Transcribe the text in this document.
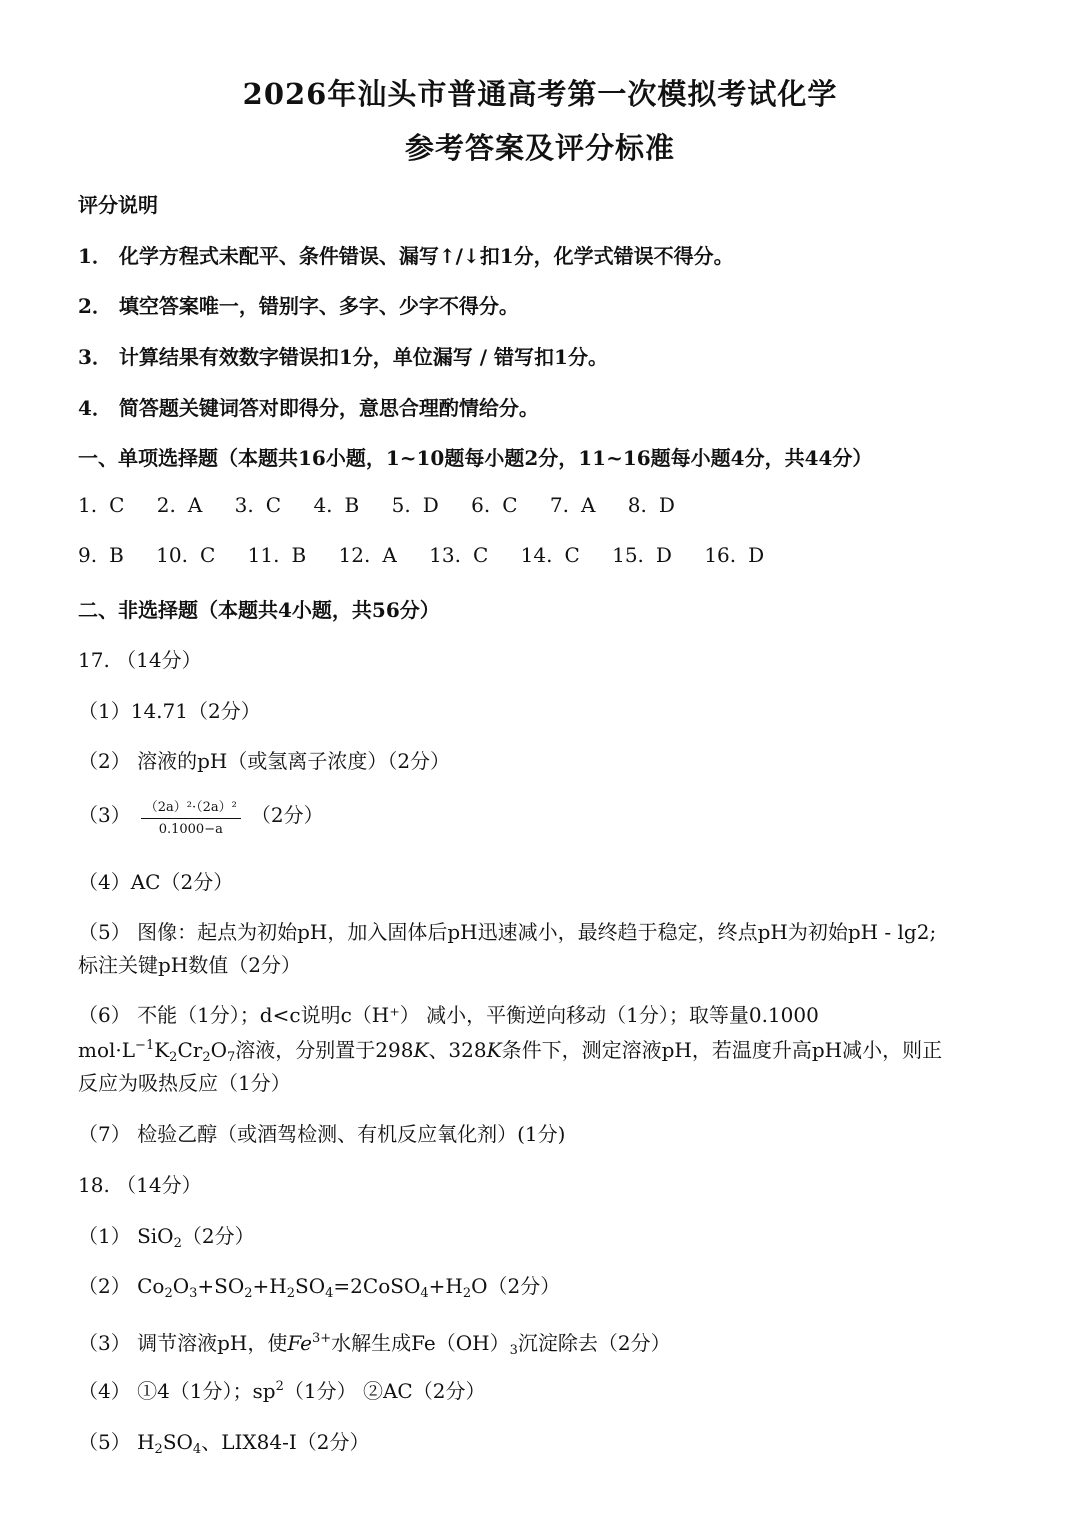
2026年汕头市普通高考第一次模拟考试化学
参考答案及评分标准
评分说明
1． 化学方程式未配平、条件错误、漏写↑/↓扣1分，化学式错误不得分。
2． 填空答案唯一，错别字、多字、少字不得分。
3． 计算结果有效数字错误扣1分，单位漏写 / 错写扣1分。
4． 简答题关键词答对即得分，意思合理酌情给分。
一、单项选择题（本题共16小题，1~10题每小题2分，11~16题每小题4分，共44分）
1. C 2. A 3. C 4. B 5. D 6. C 7. A 8. D
9. B 10. C 11. B 12. A 13. C 14. C 15. D 16. D
二、非选择题（本题共4小题，共56分）
17. （14分）
（1）14.71（2分）
（2） 溶液的pH（或氢离子浓度）（2分）
$(3) \frac{\text{（2a）²·（2a）²}}{0.1000-a} (2$分）
（4）AC（2分）
（5） 图像：起点为初始pH，加入固体后pH迅速减小，最终趋于稳定，终点pH为初始pH - lg2;
标注关键pH数值（2分）
（6） 不能（1分）；d<c说明c（H⁺） 减小，平衡逆向移动（1分）；取等量0.1000
$mol\cdot L^{-1}K_2Cr_2O_7$溶液，分别置于298K、328K条件下，测定溶液pH，若温度升高pH减小，则正
反应为吸热反应（1分）
（7） 检验乙醇（或酒驾检测、有机反应氧化剂）(1分)
18. （14分）
（1） SiO$_2$（2分）
（2） $Co_2O_3+SO_2+H_2SO_4=2CoSO_4+H_2O(2$分）
（3） 调节溶液pH，使$Fe^{3+}$水解生成$Fe(OH)_3$沉淀除去（2分）
（4） ①4（1分）；$sp^2(1$分） ②AC（2分）
（5） $H_2SO_4$、LIX84-I（2分）
